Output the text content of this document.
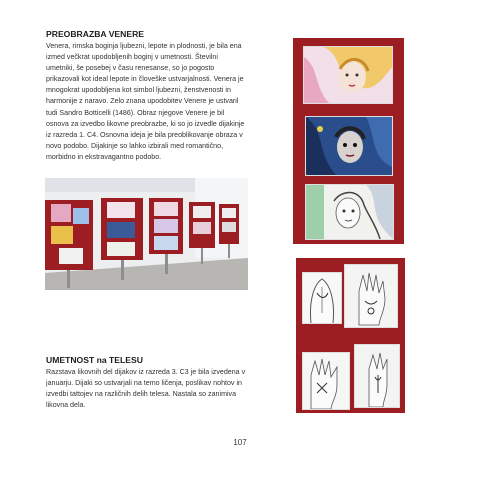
PREOBRAZBA VENERE
Venera, rimska boginja ljubezni, lepote in plodnosti, je bila ena
izmed večkrat upodobljenih boginj v umetnosti. Številni
umetniki, še posebej v času renesanse, so jo pogosto
prikazovali kot ideal lepote in človeške ustvarjalnosti. Venera je
mnogokrat upodobljena kot simbol ljubezni, ženstvenosti in
harmonije z naravo. Zelo znana upodobitev Venere je ustvaril
tudi Sandro Botticelli (1486). Obraz njegove Venere je bil
osnova za izvedbo likovne preobrazbe, ki so jo izvedle dijakinje
iz razreda 1. C4. Osnovna ideja je bila preoblikovanje obraza v
novo podobo. Dijakinje so lahko izbirali med romantično,
morbidno in ekstravagantno podobo.
UMETNOST na TELESU
Razstava likovnih del dijakov iz razreda 3. C3 je bila izvedena v
januarju. Dijaki so ustvarjali na temo ličenja, poslikav nohtov in
izvedbi tattojev na različnih delih telesa. Nastala so zanimiva
likovna dela.
107
